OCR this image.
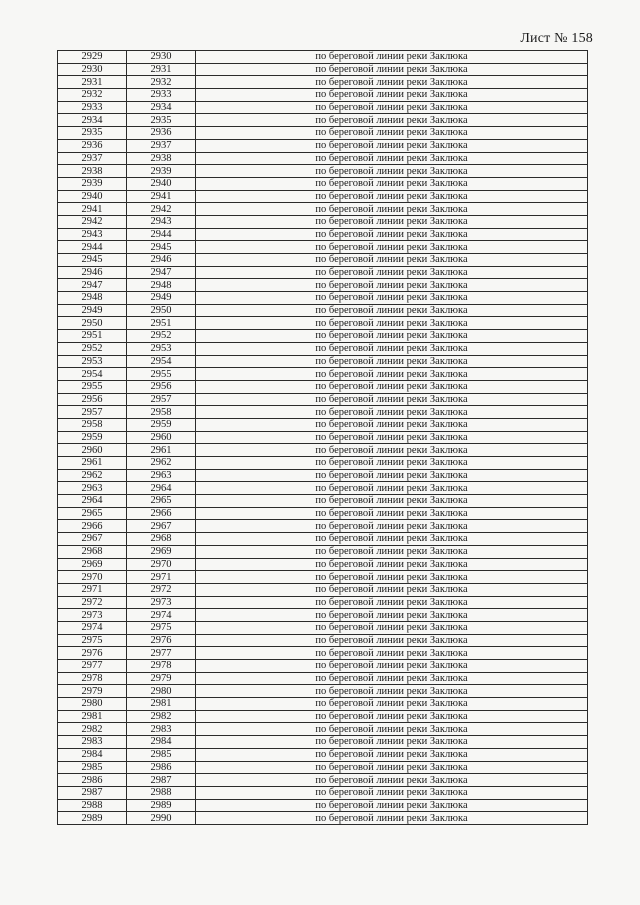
Лист № 158
2929	2930	по береговой линии реки Заклюка
2930	2931	по береговой линии реки Заклюка
2931	2932	по береговой линии реки Заклюка
2932	2933	по береговой линии реки Заклюка
2933	2934	по береговой линии реки Заклюка
2934	2935	по береговой линии реки Заклюка
2935	2936	по береговой линии реки Заклюка
2936	2937	по береговой линии реки Заклюка
2937	2938	по береговой линии реки Заклюка
2938	2939	по береговой линии реки Заклюка
2939	2940	по береговой линии реки Заклюка
2940	2941	по береговой линии реки Заклюка
2941	2942	по береговой линии реки Заклюка
2942	2943	по береговой линии реки Заклюка
2943	2944	по береговой линии реки Заклюка
2944	2945	по береговой линии реки Заклюка
2945	2946	по береговой линии реки Заклюка
2946	2947	по береговой линии реки Заклюка
2947	2948	по береговой линии реки Заклюка
2948	2949	по береговой линии реки Заклюка
2949	2950	по береговой линии реки Заклюка
2950	2951	по береговой линии реки Заклюка
2951	2952	по береговой линии реки Заклюка
2952	2953	по береговой линии реки Заклюка
2953	2954	по береговой линии реки Заклюка
2954	2955	по береговой линии реки Заклюка
2955	2956	по береговой линии реки Заклюка
2956	2957	по береговой линии реки Заклюка
2957	2958	по береговой линии реки Заклюка
2958	2959	по береговой линии реки Заклюка
2959	2960	по береговой линии реки Заклюка
2960	2961	по береговой линии реки Заклюка
2961	2962	по береговой линии реки Заклюка
2962	2963	по береговой линии реки Заклюка
2963	2964	по береговой линии реки Заклюка
2964	2965	по береговой линии реки Заклюка
2965	2966	по береговой линии реки Заклюка
2966	2967	по береговой линии реки Заклюка
2967	2968	по береговой линии реки Заклюка
2968	2969	по береговой линии реки Заклюка
2969	2970	по береговой линии реки Заклюка
2970	2971	по береговой линии реки Заклюка
2971	2972	по береговой линии реки Заклюка
2972	2973	по береговой линии реки Заклюка
2973	2974	по береговой линии реки Заклюка
2974	2975	по береговой линии реки Заклюка
2975	2976	по береговой линии реки Заклюка
2976	2977	по береговой линии реки Заклюка
2977	2978	по береговой линии реки Заклюка
2978	2979	по береговой линии реки Заклюка
2979	2980	по береговой линии реки Заклюка
2980	2981	по береговой линии реки Заклюка
2981	2982	по береговой линии реки Заклюка
2982	2983	по береговой линии реки Заклюка
2983	2984	по береговой линии реки Заклюка
2984	2985	по береговой линии реки Заклюка
2985	2986	по береговой линии реки Заклюка
2986	2987	по береговой линии реки Заклюка
2987	2988	по береговой линии реки Заклюка
2988	2989	по береговой линии реки Заклюка
2989	2990	по береговой линии реки Заклюка
